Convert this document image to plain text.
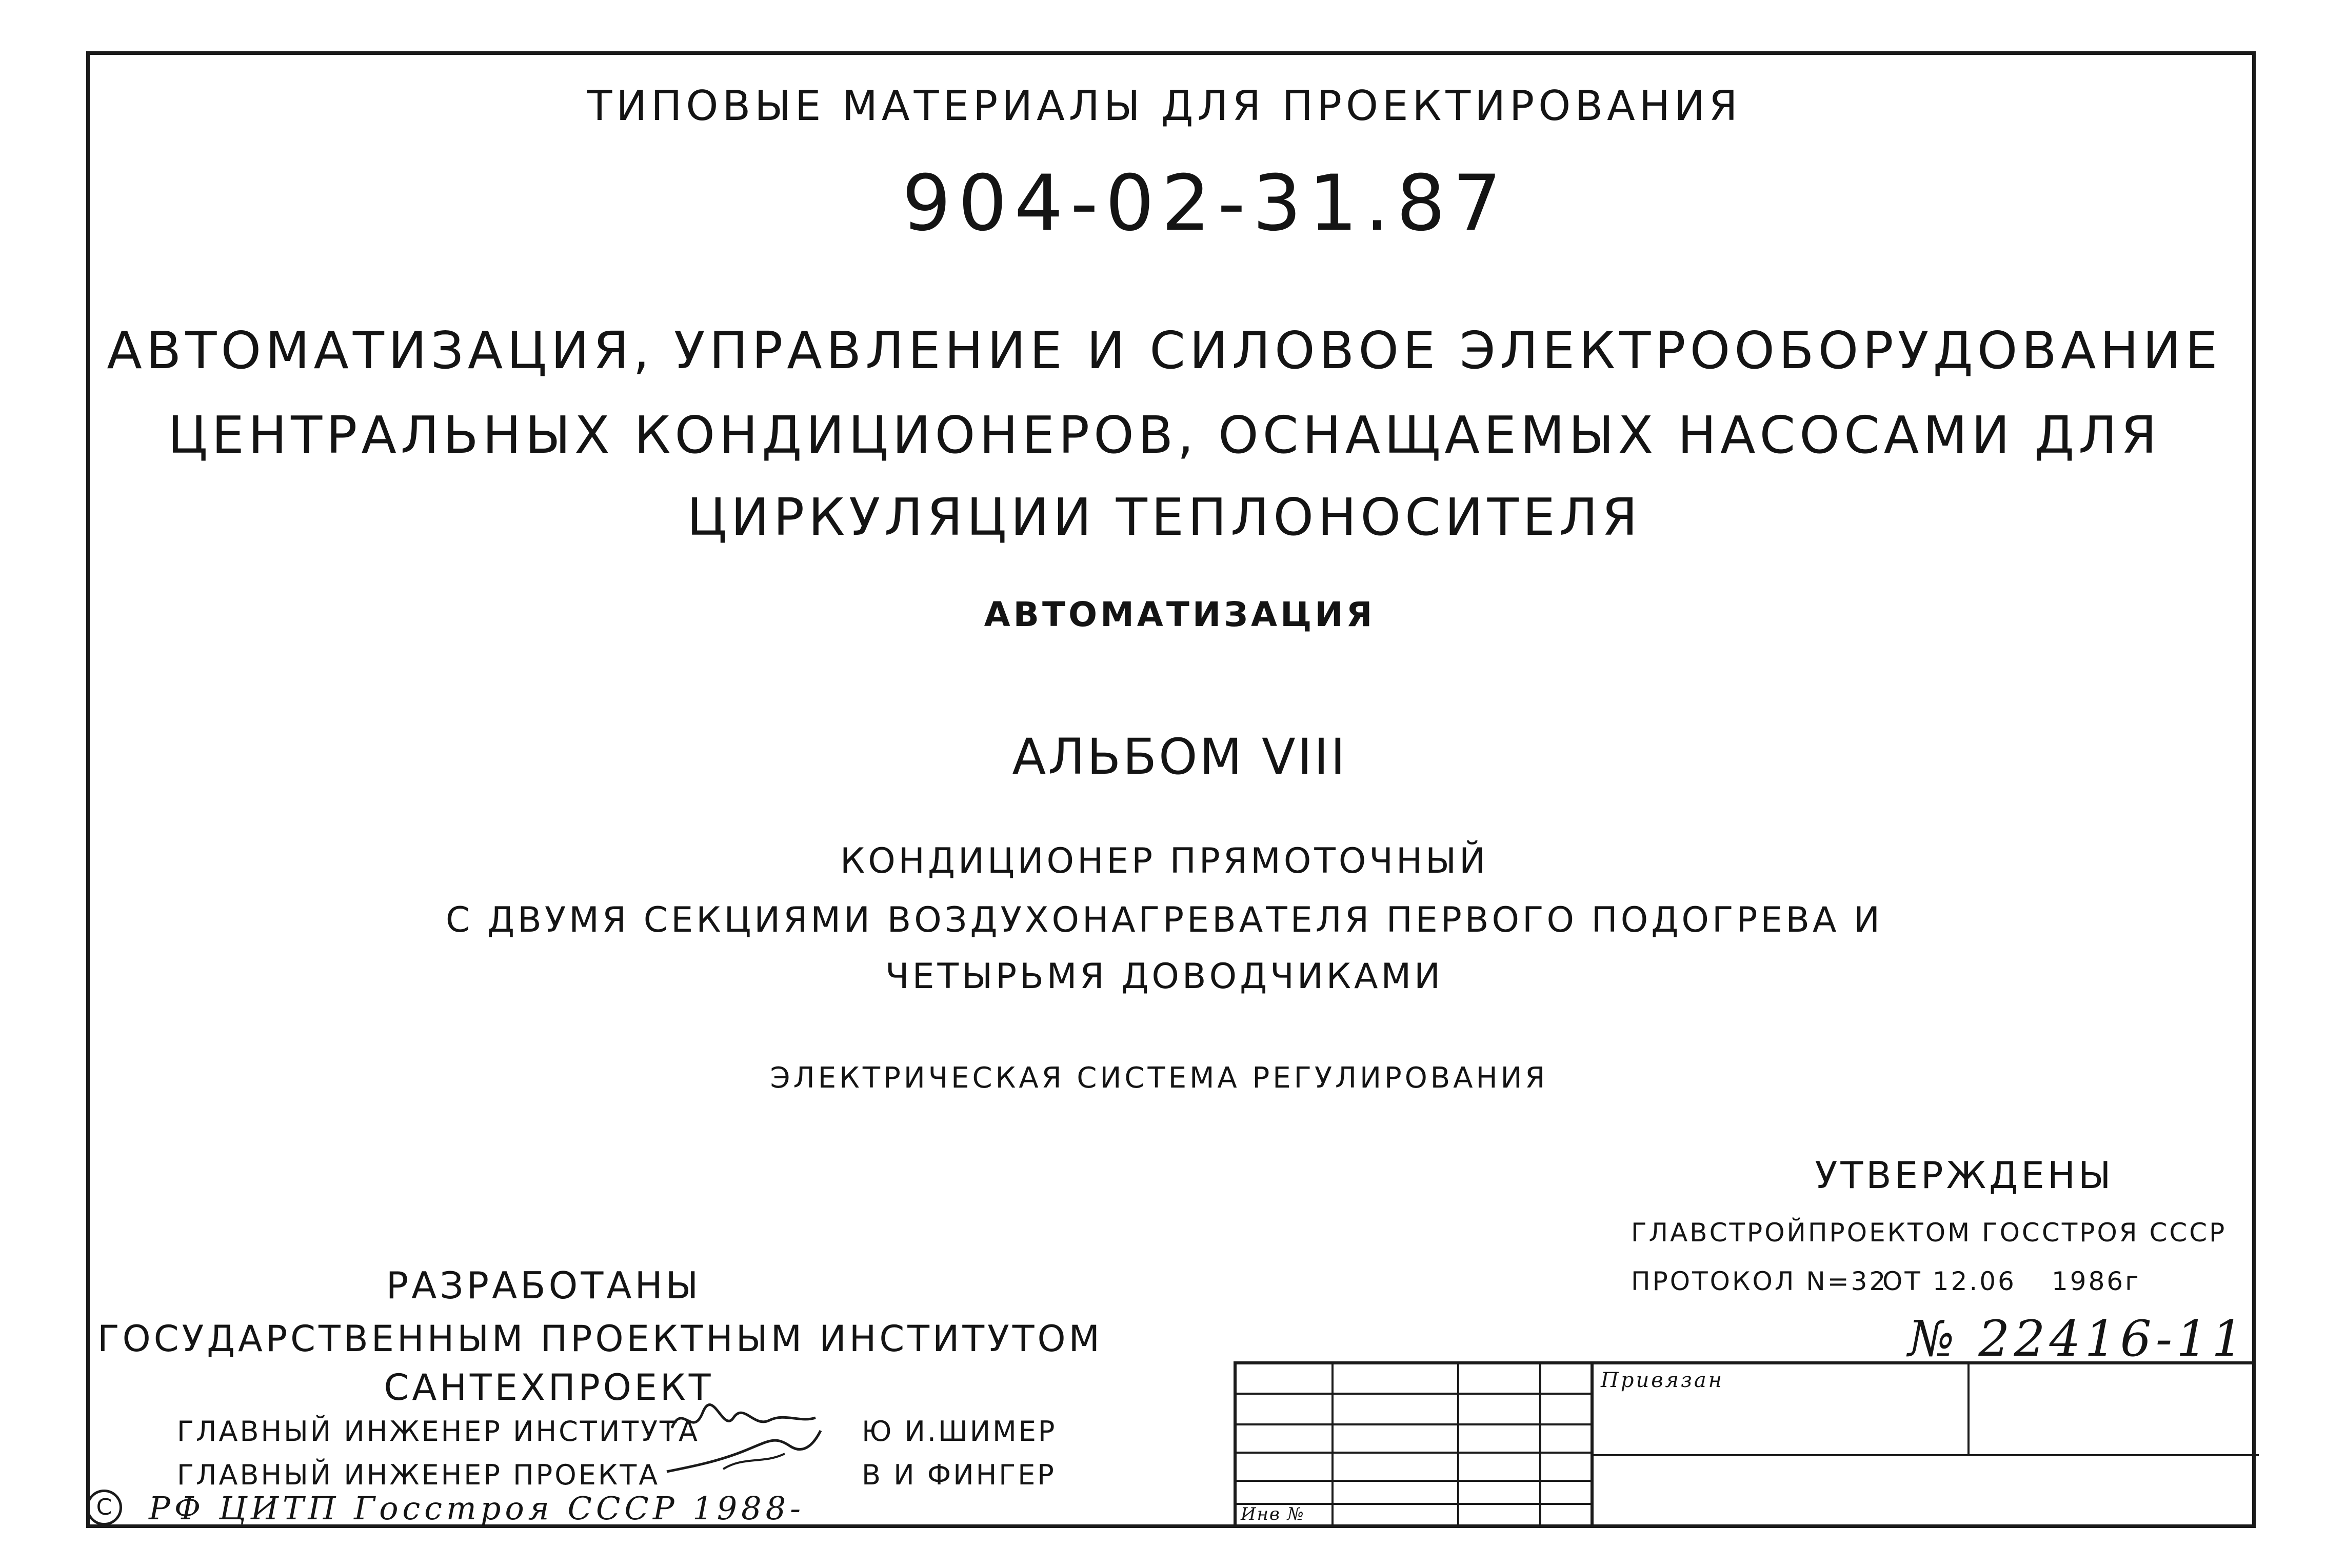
ТИПОВЫЕ МАТЕРИАЛЫ ДЛЯ ПРОЕКТИРОВАНИЯ
904-02-31.87
АВТОМАТИЗАЦИЯ, УПРАВЛЕНИЕ И СИЛОВОЕ ЭЛЕКТРООБОРУДОВАНИЕ
ЦЕНТРАЛЬНЫХ КОНДИЦИОНЕРОВ, ОСНАЩАЕМЫХ НАСОСАМИ ДЛЯ
ЦИРКУЛЯЦИИ ТЕПЛОНОСИТЕЛЯ
АВТОМАТИЗАЦИЯ
АЛЬБОМ VIII
КОНДИЦИОНЕР ПРЯМОТОЧНЫЙ
С ДВУМЯ СЕКЦИЯМИ ВОЗДУХОНАГРЕВАТЕЛЯ ПЕРВОГО ПОДОГРЕВА И
ЧЕТЫРЬМЯ ДОВОДЧИКАМИ
ЭЛЕКТРИЧЕСКАЯ СИСТЕМА РЕГУЛИРОВАНИЯ
УТВЕРЖДЕНЫ
ГЛАВСТРОЙПРОЕКТОМ ГОССТРОЯ СССР
ПРОТОКОЛ N=32
ОТ 12.06 1986г
№ 22416-11
РАЗРАБОТАНЫ
ГОСУДАРСТВЕННЫМ ПРОЕКТНЫМ ИНСТИТУТОМ
САНТЕХПРОЕКТ
ГЛАВНЫЙ ИНЖЕНЕР ИНСТИТУТА	Ю И.ШИМЕР
ГЛАВНЫЙ ИНЖЕНЕР ПРОЕКТА	В И ФИНГЕР
C	РФ ЦИТП Госстроя СССР 1988-
Привязан
Инв №
